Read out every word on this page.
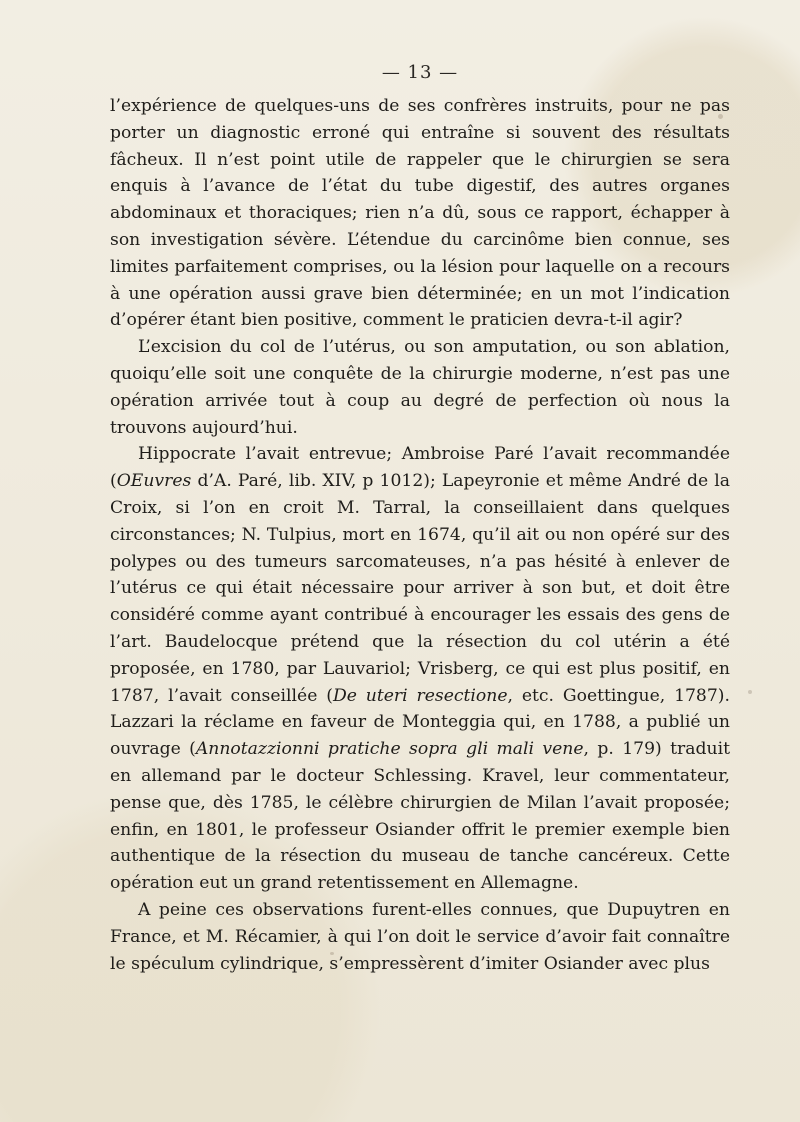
— 13 —

l’expérience de quelques-uns de ses confrères instruits, pour ne pas porter un diagnostic erroné qui entraîne si souvent des résultats fâcheux. Il n’est point utile de rappeler que le chirurgien se sera enquis à l’avance de l’état du tube digestif, des autres organes abdominaux et thoraciques; rien n’a dû, sous ce rapport, échapper à son investigation sévère. L’étendue du carcinôme bien connue, ses limites parfaitement comprises, ou la lésion pour laquelle on a recours à une opération aussi grave bien déterminée; en un mot l’indication d’opérer étant bien positive, comment le praticien devra-t-il agir?

L’excision du col de l’utérus, ou son amputation, ou son ablation, quoiqu’elle soit une conquête de la chirurgie moderne, n’est pas une opération arrivée tout à coup au degré de perfection où nous la trouvons aujourd’hui.

Hippocrate l’avait entrevue; Ambroise Paré l’avait recommandée (OEuvres d’A. Paré, lib. XIV, p 1012); Lapeyronie et même André de la Croix, si l’on en croit M. Tarral, la conseillaient dans quelques circonstances; N. Tulpius, mort en 1674, qu’il ait ou non opéré sur des polypes ou des tumeurs sarcomateuses, n’a pas hésité à enlever de l’utérus ce qui était nécessaire pour arriver à son but, et doit être considéré comme ayant contribué à encourager les essais des gens de l’art. Baudelocque prétend que la résection du col utérin a été proposée, en 1780, par Lauvariol; Vrisberg, ce qui est plus positif, en 1787, l’avait conseillée (De uteri resectione, etc. Goettingue, 1787). Lazzari la réclame en faveur de Monteggia qui, en 1788, a publié un ouvrage (Annotazzionni pratiche sopra gli mali vene, p. 179) traduit en allemand par le docteur Schlessing. Kravel, leur commentateur, pense que, dès 1785, le célèbre chirurgien de Milan l’avait proposée; enfin, en 1801, le professeur Osiander offrit le premier exemple bien authentique de la résection du museau de tanche cancéreux. Cette opération eut un grand retentissement en Allemagne.

A peine ces observations furent-elles connues, que Dupuytren en France, et M. Récamier, à qui l’on doit le service d’avoir fait connaître le spéculum cylindrique, s’empressèrent d’imiter Osiander avec plus
